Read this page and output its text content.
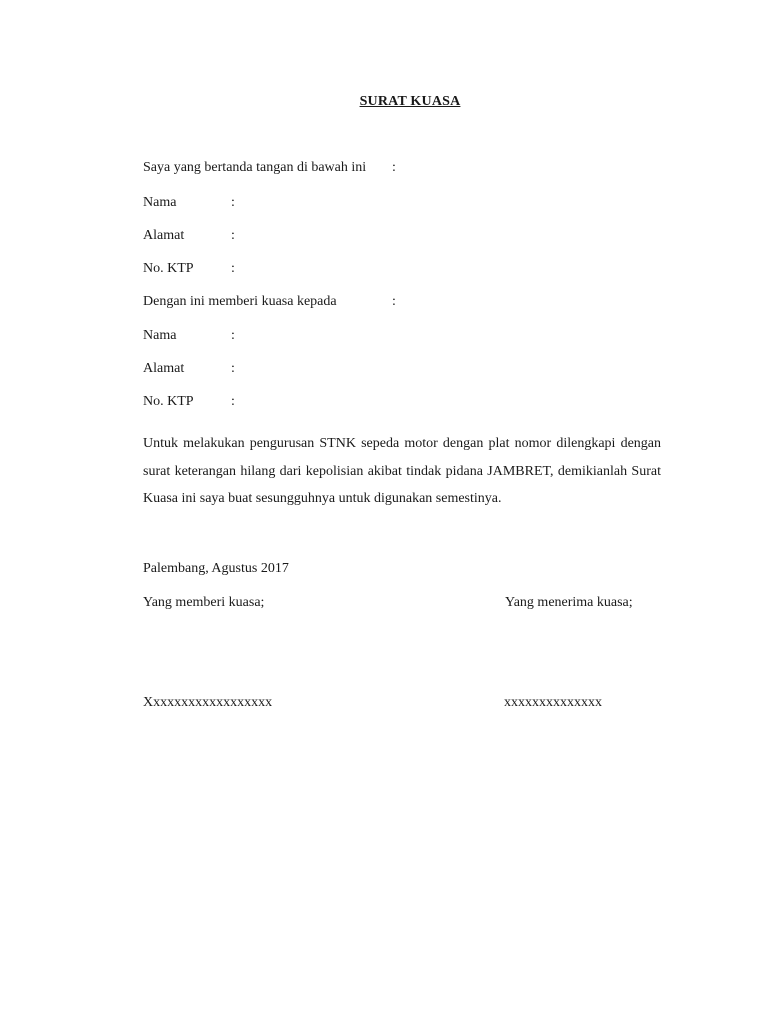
SURAT KUASA
Saya yang bertanda tangan di bawah ini :
Nama	:
Alamat	:
No. KTP	:
Dengan ini memberi kuasa kepada	:
Nama	:
Alamat	:
No. KTP	:
Untuk melakukan pengurusan STNK sepeda motor dengan plat nomor dilengkapi dengan surat keterangan hilang dari kepolisian akibat tindak pidana JAMBRET, demikianlah Surat Kuasa ini saya buat sesungguhnya untuk digunakan semestinya.
Palembang, Agustus 2017
Yang memberi kuasa;	Yang menerima kuasa;
Xxxxxxxxxxxxxxxxxx	xxxxxxxxxxxxxx
